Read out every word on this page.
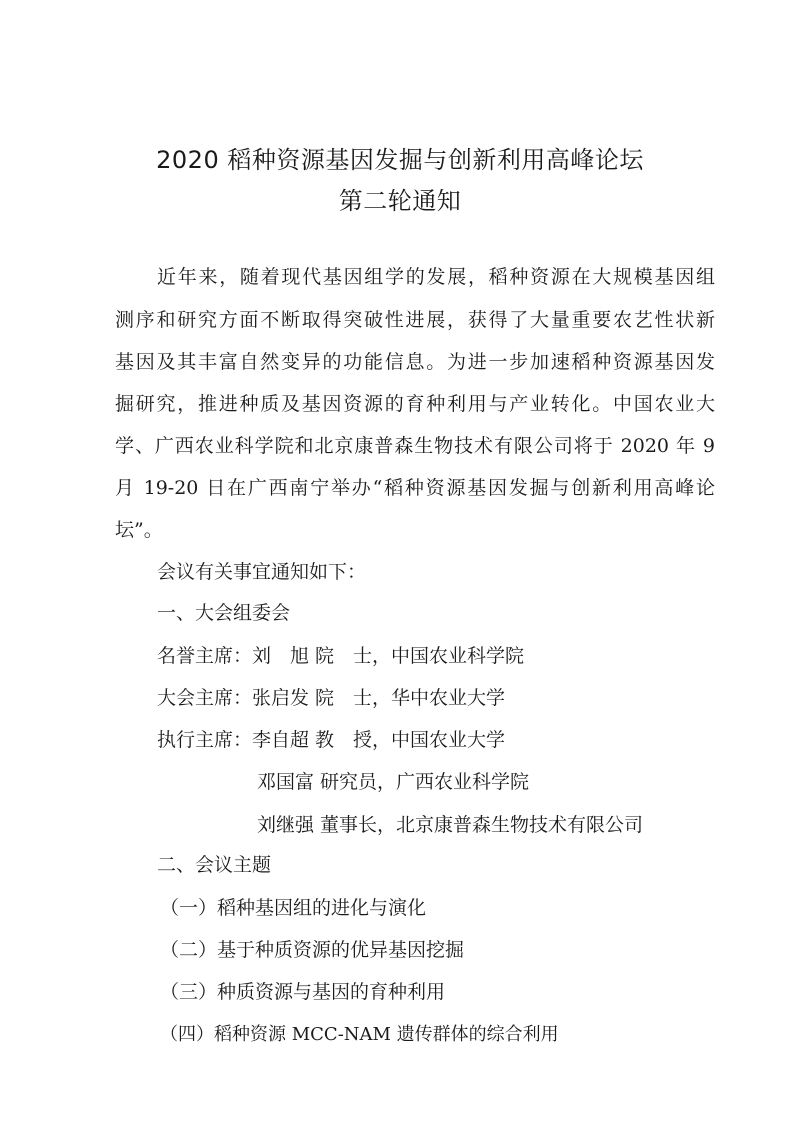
2020 稻种资源基因发掘与创新利用高峰论坛
第二轮通知
近年来，随着现代基因组学的发展，稻种资源在大规模基因组
测序和研究方面不断取得突破性进展，获得了大量重要农艺性状新
基因及其丰富自然变异的功能信息。为进一步加速稻种资源基因发
掘研究，推进种质及基因资源的育种利用与产业转化。中国农业大
学、广西农业科学院和北京康普森生物技术有限公司将于 2020 年 9
月 19-20 日在广西南宁举办“稻种资源基因发掘与创新利用高峰论
坛”。
会议有关事宜通知如下：
一、大会组委会
名誉主席：刘　旭 院　士，中国农业科学院
大会主席：张启发 院　士，华中农业大学
执行主席：李自超 教　授，中国农业大学
邓国富 研究员，广西农业科学院
刘继强 董事长，北京康普森生物技术有限公司
二、会议主题
（一）稻种基因组的进化与演化
（二）基于种质资源的优异基因挖掘
（三）种质资源与基因的育种利用
（四）稻种资源 MCC-NAM 遗传群体的综合利用
